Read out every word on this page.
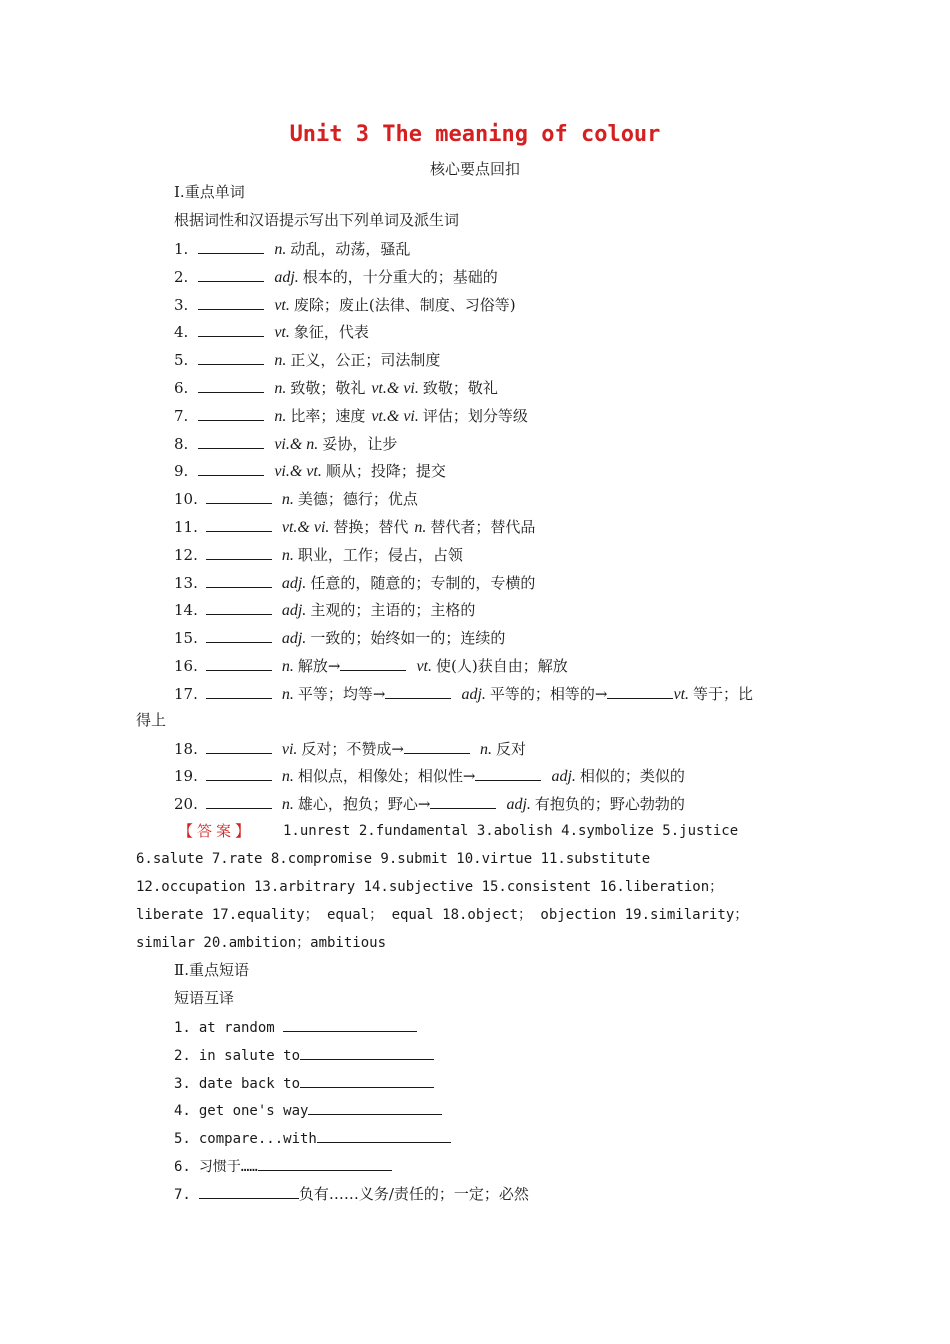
Unit 3 The meaning of colour
核心要点回扣
Ⅰ.重点单词
根据词性和汉语提示写出下列单词及派生词
1.	n. 动乱，动荡，骚乱
2.	adj. 根本的，十分重大的；基础的
3.	vt. 废除；废止(法律、制度、习俗等)
4.	vt. 象征，代表
5.	n. 正义，公正；司法制度
6.	n. 致敬；敬礼 vt.& vi. 致敬；敬礼
7.	n. 比率；速度 vt.& vi. 评估；划分等级
8.	vi.& n. 妥协，让步
9.	vi.& vt. 顺从；投降；提交
10.	n. 美德；德行；优点
11.	vt.& vi. 替换；替代 n. 替代者；替代品
12.	n. 职业，工作；侵占，占领
13.	adj. 任意的，随意的；专制的，专横的
14.	adj. 主观的；主语的；主格的
15.	adj. 一致的；始终如一的；连续的
16.	n. 解放→	vt. 使(人)获自由；解放
17.	n. 平等；均等→	adj. 平等的；相等的→	vt. 等于；比
得上
18.	vi. 反对；不赞成→	n. 反对
19.	n. 相似点，相像处；相似性→	adj. 相似的；类似的
20.	n. 雄心，抱负；野心→	adj. 有抱负的；野心勃勃的
【答案】 1.unrest 2.fundamental 3.abolish 4.symbolize 5.justice
6.salute 7.rate 8.compromise 9.submit 10.virtue 11.substitute
12.occupation 13.arbitrary 14.subjective 15.consistent 16.liberation；
liberate 17.equality； equal； equal 18.object； objection 19.similarity；
similar 20.ambition；ambitious
Ⅱ.重点短语
短语互译
1. at random
2. in salute to
3. date back to
4. get one's way
5. compare...with
6. 习惯于……
7.	负有……义务/责任的；一定；必然
